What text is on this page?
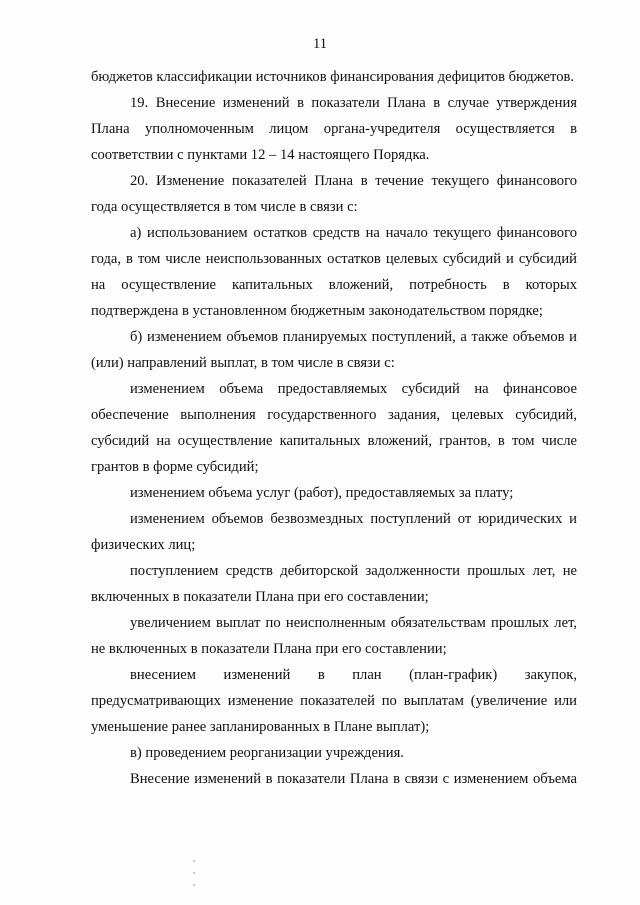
11

бюджетов классификации источников финансирования дефицитов бюджетов.

19. Внесение изменений в показатели Плана в случае утверждения Плана уполномоченным лицом органа-учредителя осуществляется в соответствии с пунктами 12 – 14 настоящего Порядка.

20. Изменение показателей Плана в течение текущего финансового года осуществляется в том числе в связи с:

а) использованием остатков средств на начало текущего финансового года, в том числе неиспользованных остатков целевых субсидий и субсидий на осуществление капитальных вложений, потребность в которых подтверждена в установленном бюджетным законодательством порядке;

б) изменением объемов планируемых поступлений, а также объемов и (или) направлений выплат, в том числе в связи с:

изменением объема предоставляемых субсидий на финансовое обеспечение выполнения государственного задания, целевых субсидий, субсидий на осуществление капитальных вложений, грантов, в том числе грантов в форме субсидий;

изменением объема услуг (работ), предоставляемых за плату;

изменением объемов безвозмездных поступлений от юридических и физических лиц;

поступлением средств дебиторской задолженности прошлых лет, не включенных в показатели Плана при его составлении;

увеличением выплат по неисполненным обязательствам прошлых лет, не включенных в показатели Плана при его составлении;

внесением изменений в план (план-график) закупок, предусматривающих изменение показателей по выплатам (увеличение или уменьшение ранее запланированных в Плане выплат);

в) проведением реорганизации учреждения.

Внесение изменений в показатели Плана в связи с изменением объема
